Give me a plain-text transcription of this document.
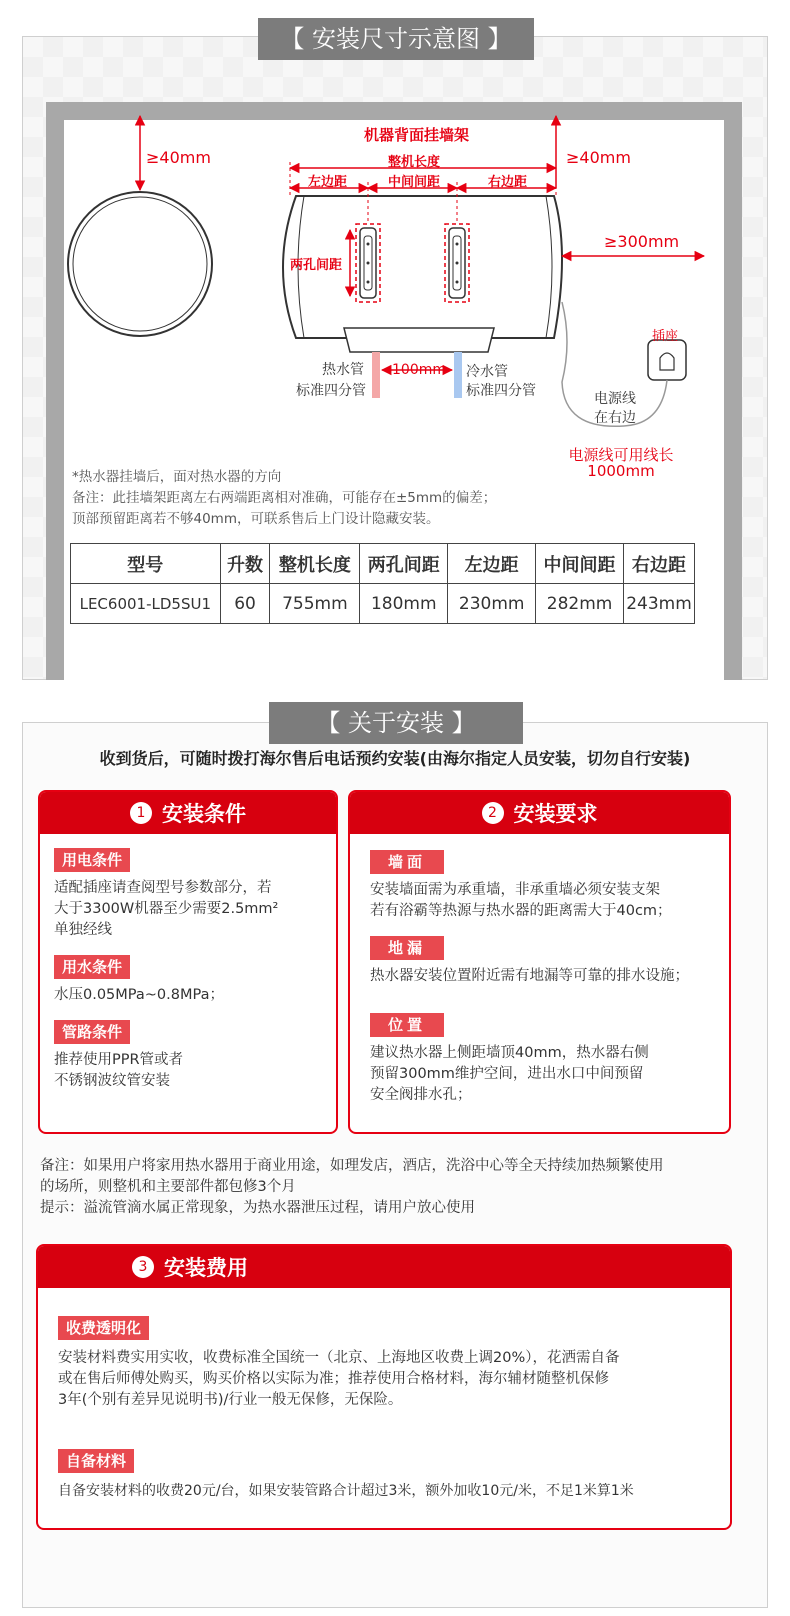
【 安装尺寸示意图 】
≥40mm	≥40mm
≥300mm
机器背面挂墙架
整机长度
左边距	中间间距	右边距
两孔间距
热水管
标准四分管
100mm 冷水管
标准四分管
插座
电源线
在右边
电源线可用线长
1000mm
*热水器挂墙后，面对热水器的方向
备注：此挂墙架距离左右两端距离相对准确，可能存在±5mm的偏差；
顶部预留距离若不够40mm，可联系售后上门设计隐藏安装。
型号	升数	整机长度	两孔间距	左边距	中间间距	右边距
LEC6001-LD5SU1	60	755mm	180mm	230mm	282mm	243mm
【 关于安装 】
收到货后，可随时拨打海尔售后电话预约安装(由海尔指定人员安装，切勿自行安装)
1 安装条件
用电条件
适配插座请查阅型号参数部分，若
大于3300W机器至少需要2.5mm²
单独经线
用水条件
水压0.05MPa~0.8MPa；
管路条件
推荐使用PPR管或者
不锈钢波纹管安装
2 安装要求
墙面
安装墙面需为承重墙，非承重墙必须安装支架
若有浴霸等热源与热水器的距离需大于40cm；
地漏
热水器安装位置附近需有地漏等可靠的排水设施；
位置
建议热水器上侧距墙顶40mm，热水器右侧
预留300mm维护空间，进出水口中间预留
安全阀排水孔；
备注：如果用户将家用热水器用于商业用途，如理发店，酒店，洗浴中心等全天持续加热频繁使用
的场所，则整机和主要部件都包修3个月
提示：溢流管滴水属正常现象，为热水器泄压过程，请用户放心使用
3 安装费用
收费透明化
安装材料费实用实收，收费标准全国统一（北京、上海地区收费上调20%），花洒需自备
或在售后师傅处购买，购买价格以实际为准；推荐使用合格材料，海尔辅材随整机保修
3年(个别有差异见说明书)/行业一般无保修，无保险。
自备材料
自备安装材料的收费20元/台，如果安装管路合计超过3米，额外加收10元/米，不足1米算1米
